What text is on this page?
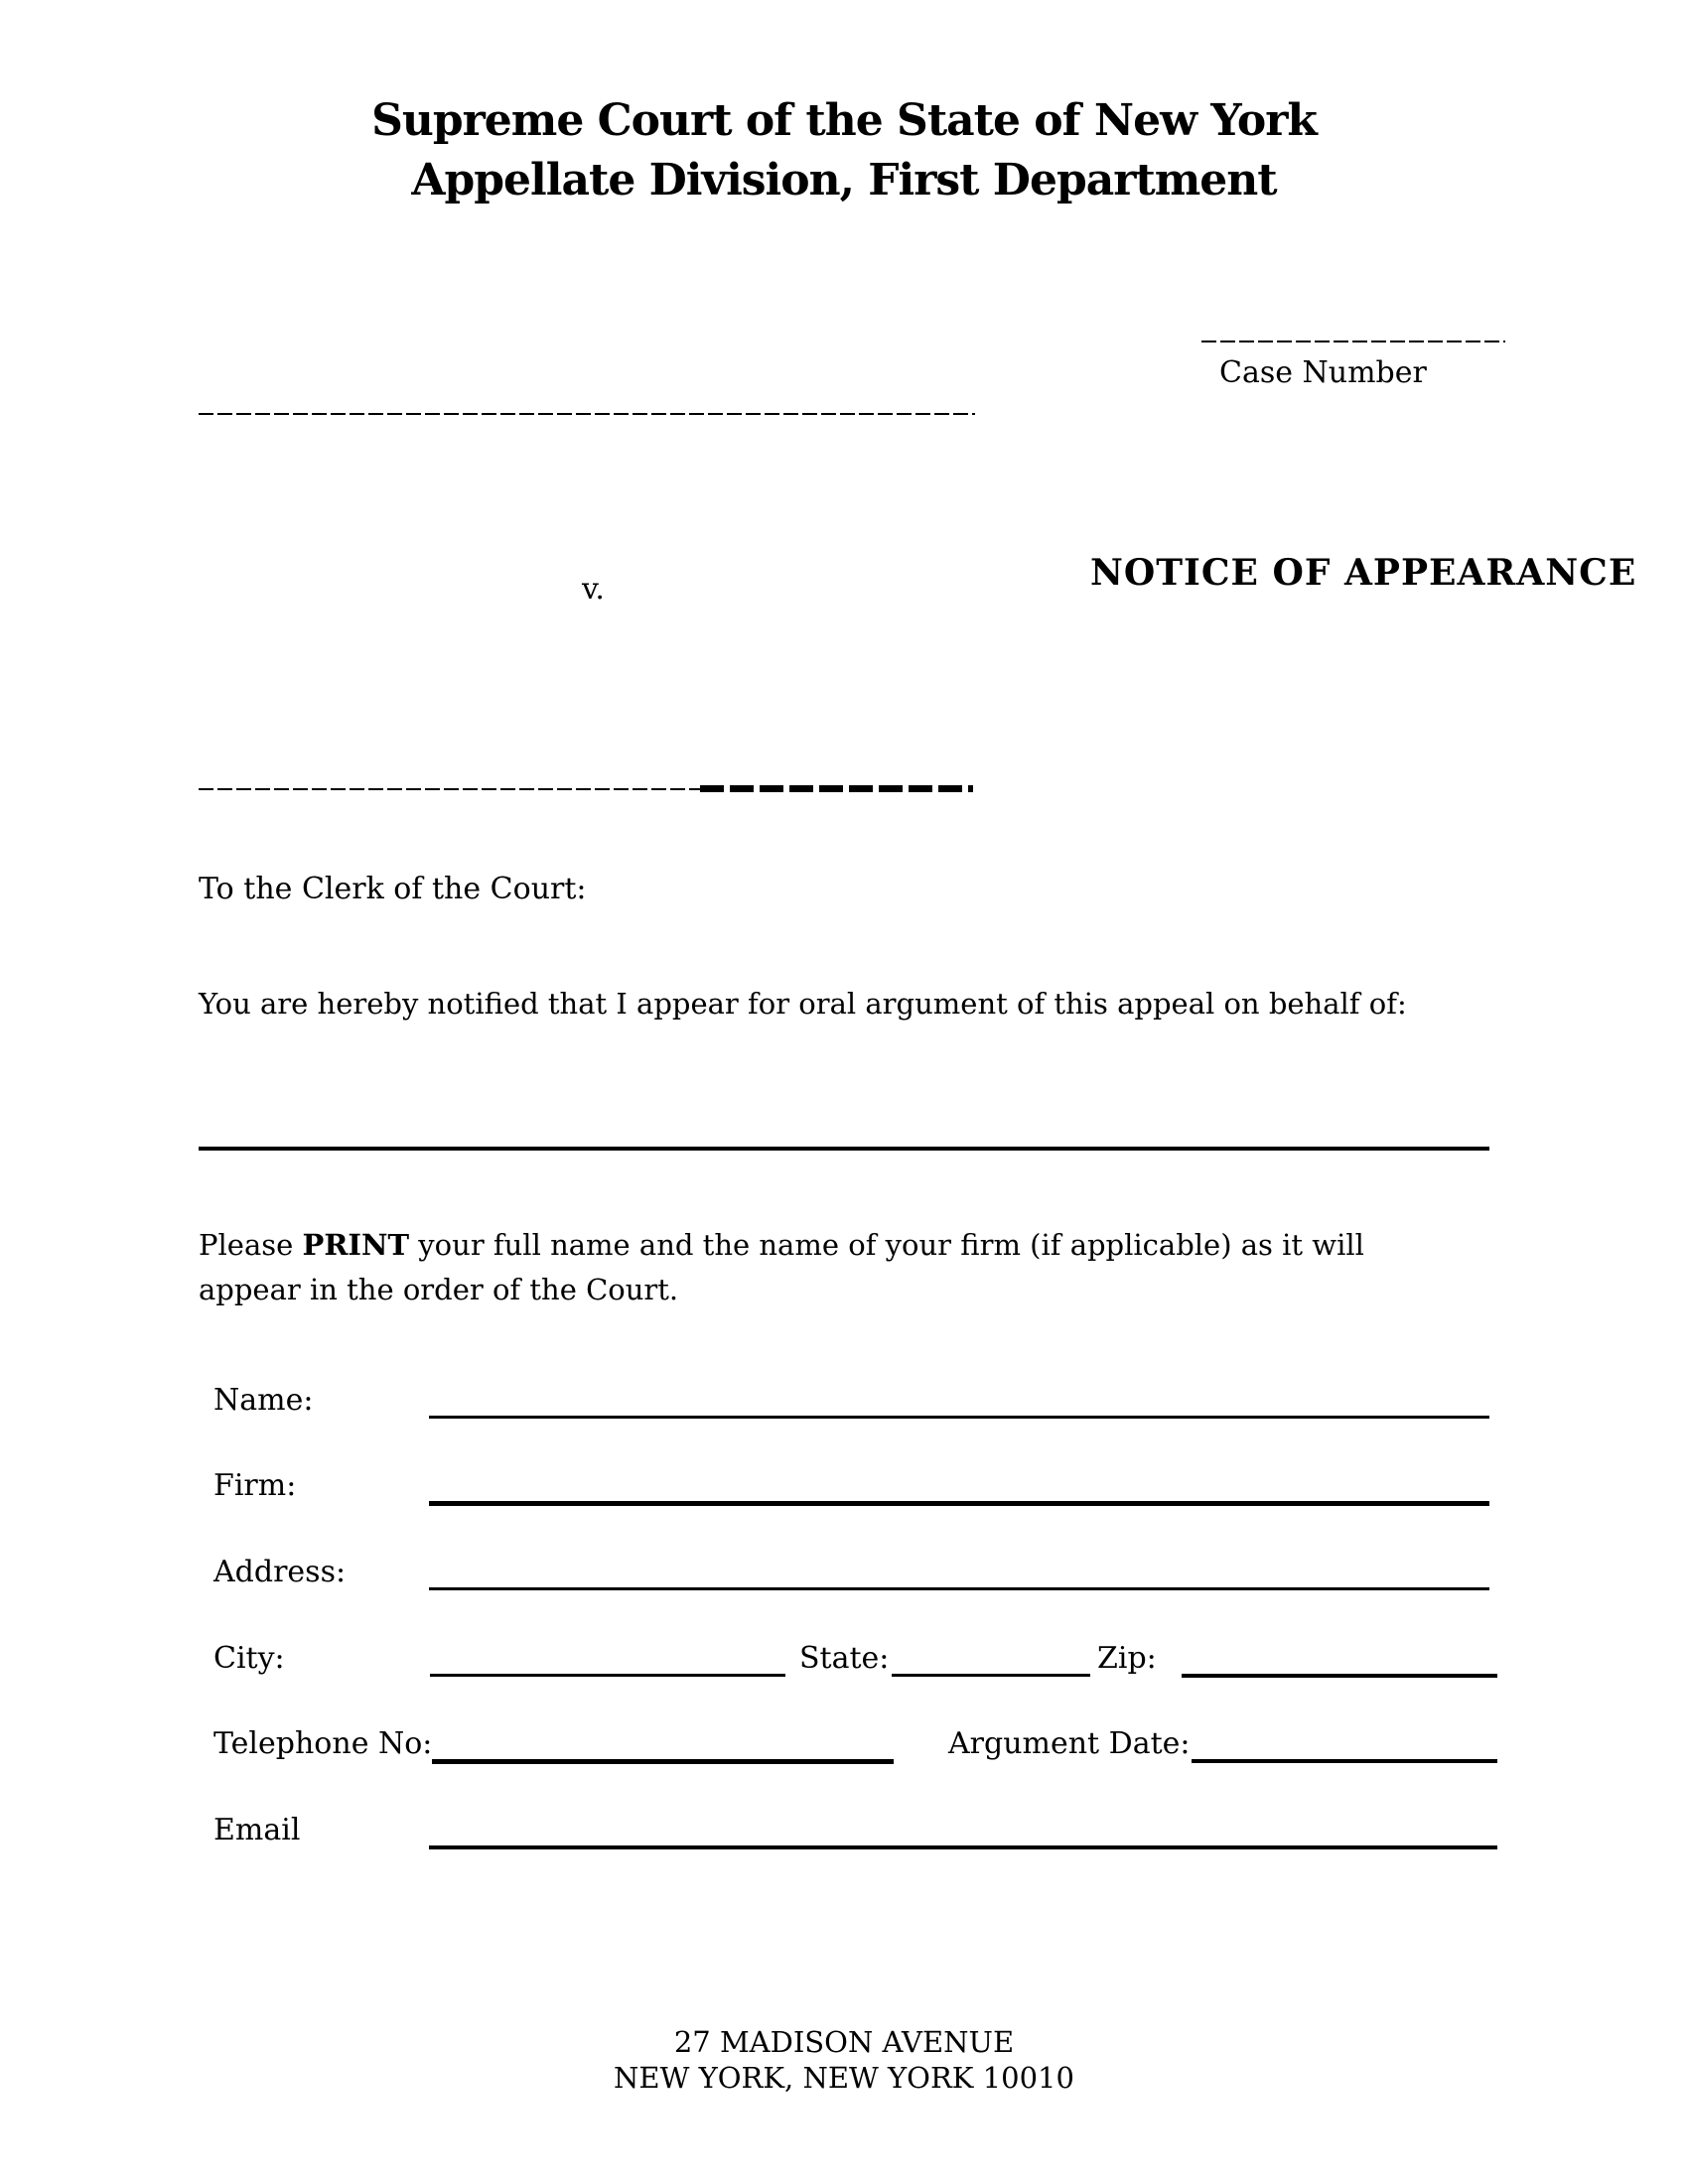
Supreme Court of the State of New York
Appellate Division, First Department
Case Number
v.	NOTICE OF APPEARANCE
To the Clerk of the Court:
You are hereby notified that I appear for oral argument of this appeal on behalf of:
Please PRINT your full name and the name of your firm (if applicable) as it will appear in the order of the Court.
Name:
Firm:
Address:
City:	State:	Zip:
Telephone No:	Argument Date:
Email
27 MADISON AVENUE
NEW YORK, NEW YORK 10010
